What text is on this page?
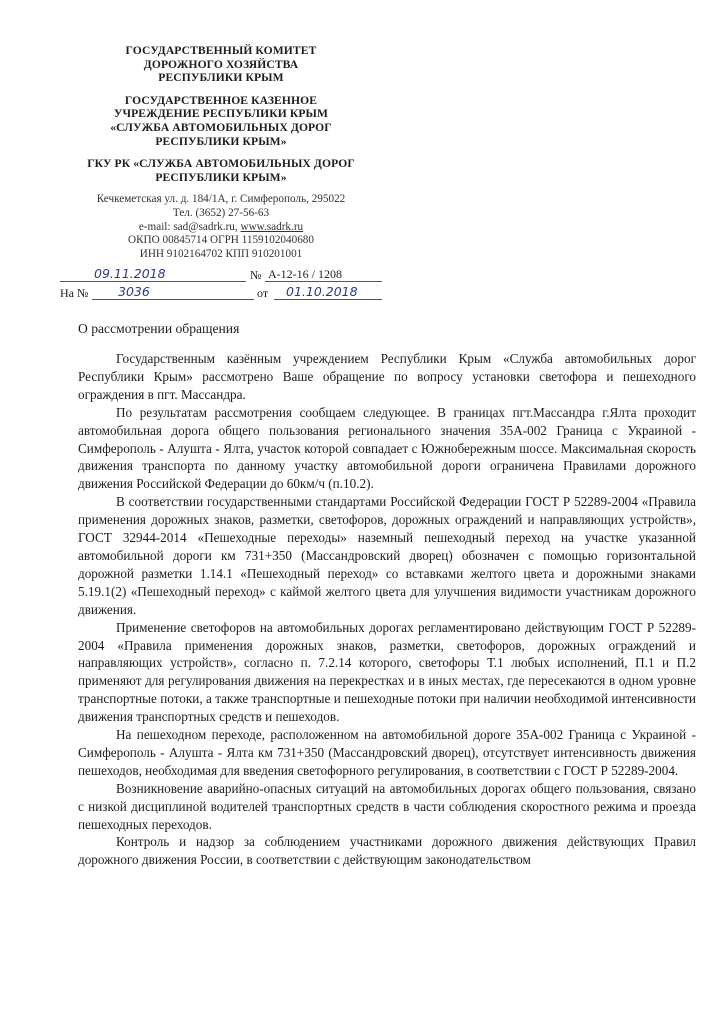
ГОСУДАРСТВЕННЫЙ КОМИТЕТ
ДОРОЖНОГО ХОЗЯЙСТВА
РЕСПУБЛИКИ КРЫМ
ГОСУДАРСТВЕННОЕ КАЗЕННОЕ
УЧРЕЖДЕНИЕ РЕСПУБЛИКИ КРЫМ
«СЛУЖБА АВТОМОБИЛЬНЫХ ДОРОГ
РЕСПУБЛИКИ КРЫМ»
ГКУ РК «СЛУЖБА АВТОМОБИЛЬНЫХ ДОРОГ
РЕСПУБЛИКИ КРЫМ»
Кечкеметская ул. д. 184/1А, г. Симферополь, 295022
Тел. (3652) 27-56-63
e-mail: sad@sadrk.ru, www.sadrk.ru
ОКПО 00845714 ОГРН 1159102040680
ИНН 9102164702 КПП 910201001
09.11.2018	№ А-12-16 / 1208
На № 3036	от 01.10.2018
О рассмотрении обращения

Государственным казённым учреждением Республики Крым «Служба автомобильных дорог Республики Крым» рассмотрено Ваше обращение по вопросу установки светофора и пешеходного ограждения в пгт. Массандра.

По результатам рассмотрения сообщаем следующее. В границах пгт.Массандра г.Ялта проходит автомобильная дорога общего пользования регионального значения 35А-002 Граница с Украиной - Симферополь - Алушта - Ялта, участок которой совпадает с Южнобережным шоссе. Максимальная скорость движения транспорта по данному участку автомобильной дороги ограничена Правилами дорожного движения Российской Федерации до 60км/ч (п.10.2).

В соответствии государственными стандартами Российской Федерации ГОСТ Р 52289-2004 «Правила применения дорожных знаков, разметки, светофоров, дорожных ограждений и направляющих устройств», ГОСТ 32944-2014 «Пешеходные переходы» наземный пешеходный переход на участке указанной автомобильной дороги км 731+350 (Массандровский дворец) обозначен с помощью горизонтальной дорожной разметки 1.14.1 «Пешеходный переход» со вставками желтого цвета и дорожными знаками 5.19.1(2) «Пешеходный переход» с каймой желтого цвета для улучшения видимости участникам дорожного движения.

Применение светофоров на автомобильных дорогах регламентировано действующим ГОСТ Р 52289-2004 «Правила применения дорожных знаков, разметки, светофоров, дорожных ограждений и направляющих устройств», согласно п. 7.2.14 которого, светофоры Т.1 любых исполнений, П.1 и П.2 применяют для регулирования движения на перекрестках и в иных местах, где пересекаются в одном уровне транспортные потоки, а также транспортные и пешеходные потоки при наличии необходимой интенсивности движения транспортных средств и пешеходов.

На пешеходном переходе, расположенном на автомобильной дороге 35А-002 Граница с Украиной - Симферополь - Алушта - Ялта км 731+350 (Массандровский дворец), отсутствует интенсивность движения пешеходов, необходимая для введения светофорного регулирования, в соответствии с ГОСТ Р 52289-2004.

Возникновение аварийно-опасных ситуаций на автомобильных дорогах общего пользования, связано с низкой дисциплиной водителей транспортных средств в части соблюдения скоростного режима и проезда пешеходных переходов.

Контроль и надзор за соблюдением участниками дорожного движения действующих Правил дорожного движения России, в соответствии с действующим законодательством
